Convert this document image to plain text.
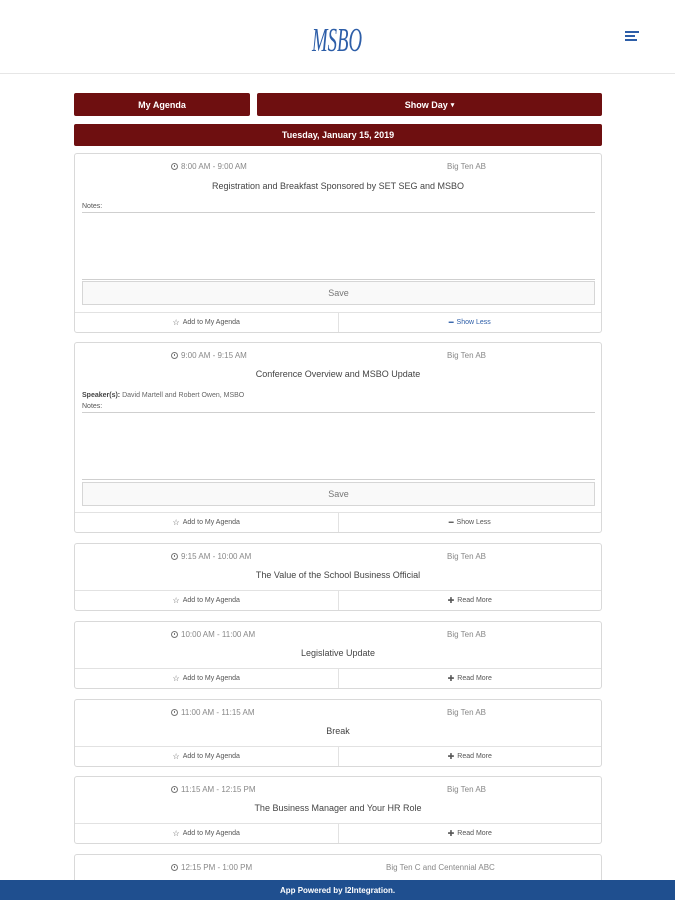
MSBO
My Agenda	Show Day ▾
Tuesday, January 15, 2019
8:00 AM - 9:00 AM	Big Ten AB
Registration and Breakfast Sponsored by SET SEG and MSBO
Notes:
Save
☆ Add to My Agenda	━ Show Less
9:00 AM - 9:15 AM	Big Ten AB
Conference Overview and MSBO Update
Speaker(s): David Martell and Robert Owen, MSBO
Notes:
Save
☆ Add to My Agenda	━ Show Less
9:15 AM - 10:00 AM	Big Ten AB
The Value of the School Business Official
☆ Add to My Agenda	✚ Read More
10:00 AM - 11:00 AM	Big Ten AB
Legislative Update
☆ Add to My Agenda	✚ Read More
11:00 AM - 11:15 AM	Big Ten AB
Break
☆ Add to My Agenda	✚ Read More
11:15 AM - 12:15 PM	Big Ten AB
The Business Manager and Your HR Role
☆ Add to My Agenda	✚ Read More
12:15 PM - 1:00 PM	Big Ten C and Centennial ABC
App Powered by I2Integration.
